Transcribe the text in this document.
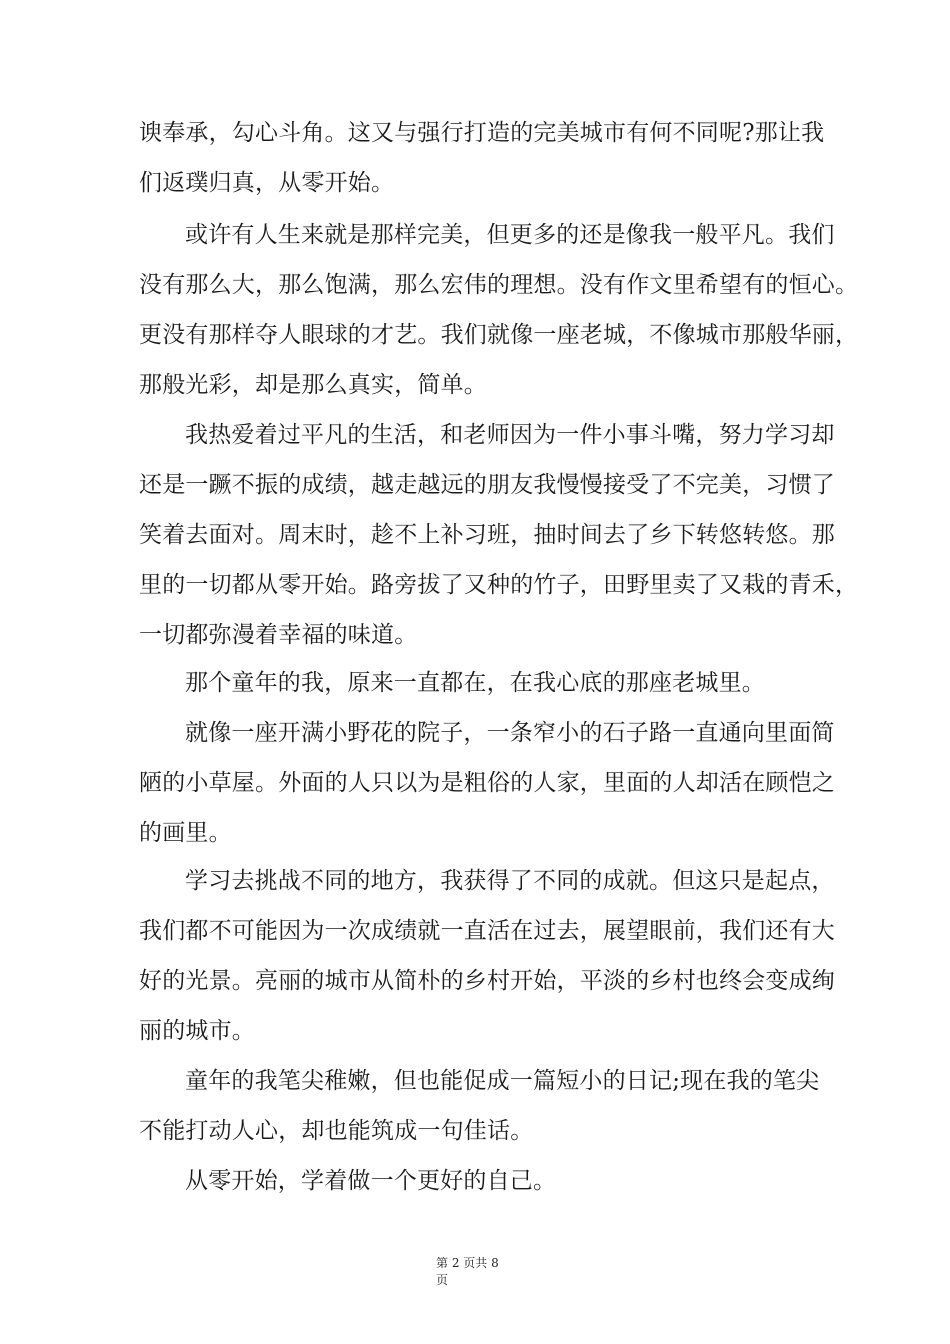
谀奉承，勾心斗角。这又与强行打造的完美城市有何不同呢?那让我
们返璞归真，从零开始。
或许有人生来就是那样完美，但更多的还是像我一般平凡。我们
没有那么大，那么饱满，那么宏伟的理想。没有作文里希望有的恒心。
更没有那样夺人眼球的才艺。我们就像一座老城，不像城市那般华丽，
那般光彩，却是那么真实，简单。
我热爱着过平凡的生活，和老师因为一件小事斗嘴，努力学习却
还是一蹶不振的成绩，越走越远的朋友我慢慢接受了不完美，习惯了
笑着去面对。周末时，趁不上补习班，抽时间去了乡下转悠转悠。那
里的一切都从零开始。路旁拔了又种的竹子，田野里卖了又栽的青禾，
一切都弥漫着幸福的味道。
那个童年的我，原来一直都在，在我心底的那座老城里。
就像一座开满小野花的院子，一条窄小的石子路一直通向里面简
陋的小草屋。外面的人只以为是粗俗的人家，里面的人却活在顾恺之
的画里。
学习去挑战不同的地方，我获得了不同的成就。但这只是起点，
我们都不可能因为一次成绩就一直活在过去，展望眼前，我们还有大
好的光景。亮丽的城市从简朴的乡村开始，平淡的乡村也终会变成绚
丽的城市。
童年的我笔尖稚嫩，但也能促成一篇短小的日记;现在我的笔尖
不能打动人心，却也能筑成一句佳话。
从零开始，学着做一个更好的自己。
第 2 页共 8
页
